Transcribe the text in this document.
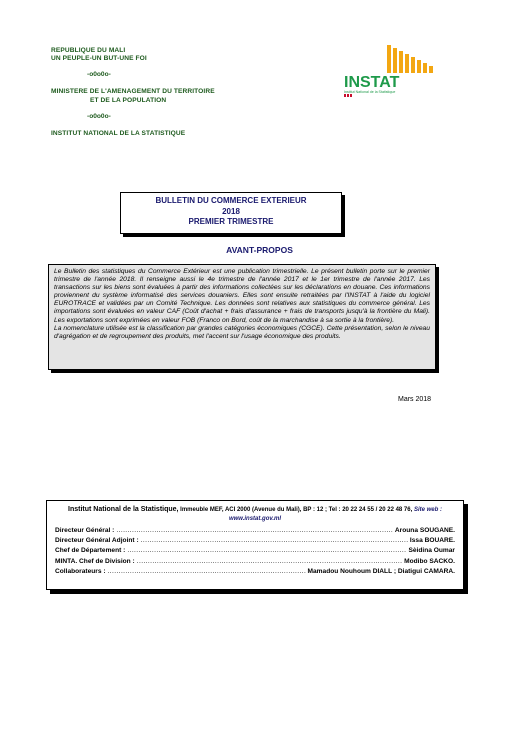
REPUBLIQUE DU MALI
UN PEUPLE-UN BUT-UNE FOI
-o0o0o-
MINISTERE DE L'AMENAGEMENT DU TERRITOIRE
ET DE LA POPULATION
-o0o0o-
INSTITUT NATIONAL DE LA STATISTIQUE
INSTAT
Institut National de la Statistique
BULLETIN DU COMMERCE EXTERIEUR
2018
PREMIER TRIMESTRE
AVANT-PROPOS

Le Bulletin des statistiques du Commerce Extérieur est une publication trimestrielle. Le présent bulletin porte sur le premier trimestre de l'année 2018. Il renseigne aussi le 4e trimestre de l'année 2017 et le 1er trimestre de l'année 2017. Les transactions sur les biens sont évaluées à partir des informations collectées sur les déclarations en douane. Ces informations proviennent du système informatisé des services douaniers. Elles sont ensuite retraitées par l'INSTAT à l'aide du logiciel EUROTRACE et validées par un Comité Technique. Les données sont relatives aux statistiques du commerce général. Les importations sont évaluées en valeur CAF (Coût d'achat + frais d'assurance + frais de transports jusqu'à la frontière du Mali). Les exportations sont exprimées en valeur FOB (Franco on Bord, coût de la marchandise à sa sortie à la frontière).

La nomenclature utilisée est la classification par grandes catégories économiques (CGCE). Cette présentation, selon le niveau d'agrégation et de regroupement des produits, met l'accent sur l'usage économique des produits.

Mars 2018
Institut National de la Statistique, Immeuble MEF, ACI 2000 (Avenue du Mali), BP : 12 ; Tel : 20 22 24 55 / 20 22 48 76, Site web :
www.instat.gov.ml
Directeur Général : .....	Arouna SOUGANE.
Directeur Général Adjoint : .....	Issa BOUARE.
Chef de Département : .....	Sèidina Oumar
MINTA. Chef de Division : .....	Modibo SACKO.
Collaborateurs : .....	Mamadou Nouhoum DIALL ; Diatigui CAMARA.
